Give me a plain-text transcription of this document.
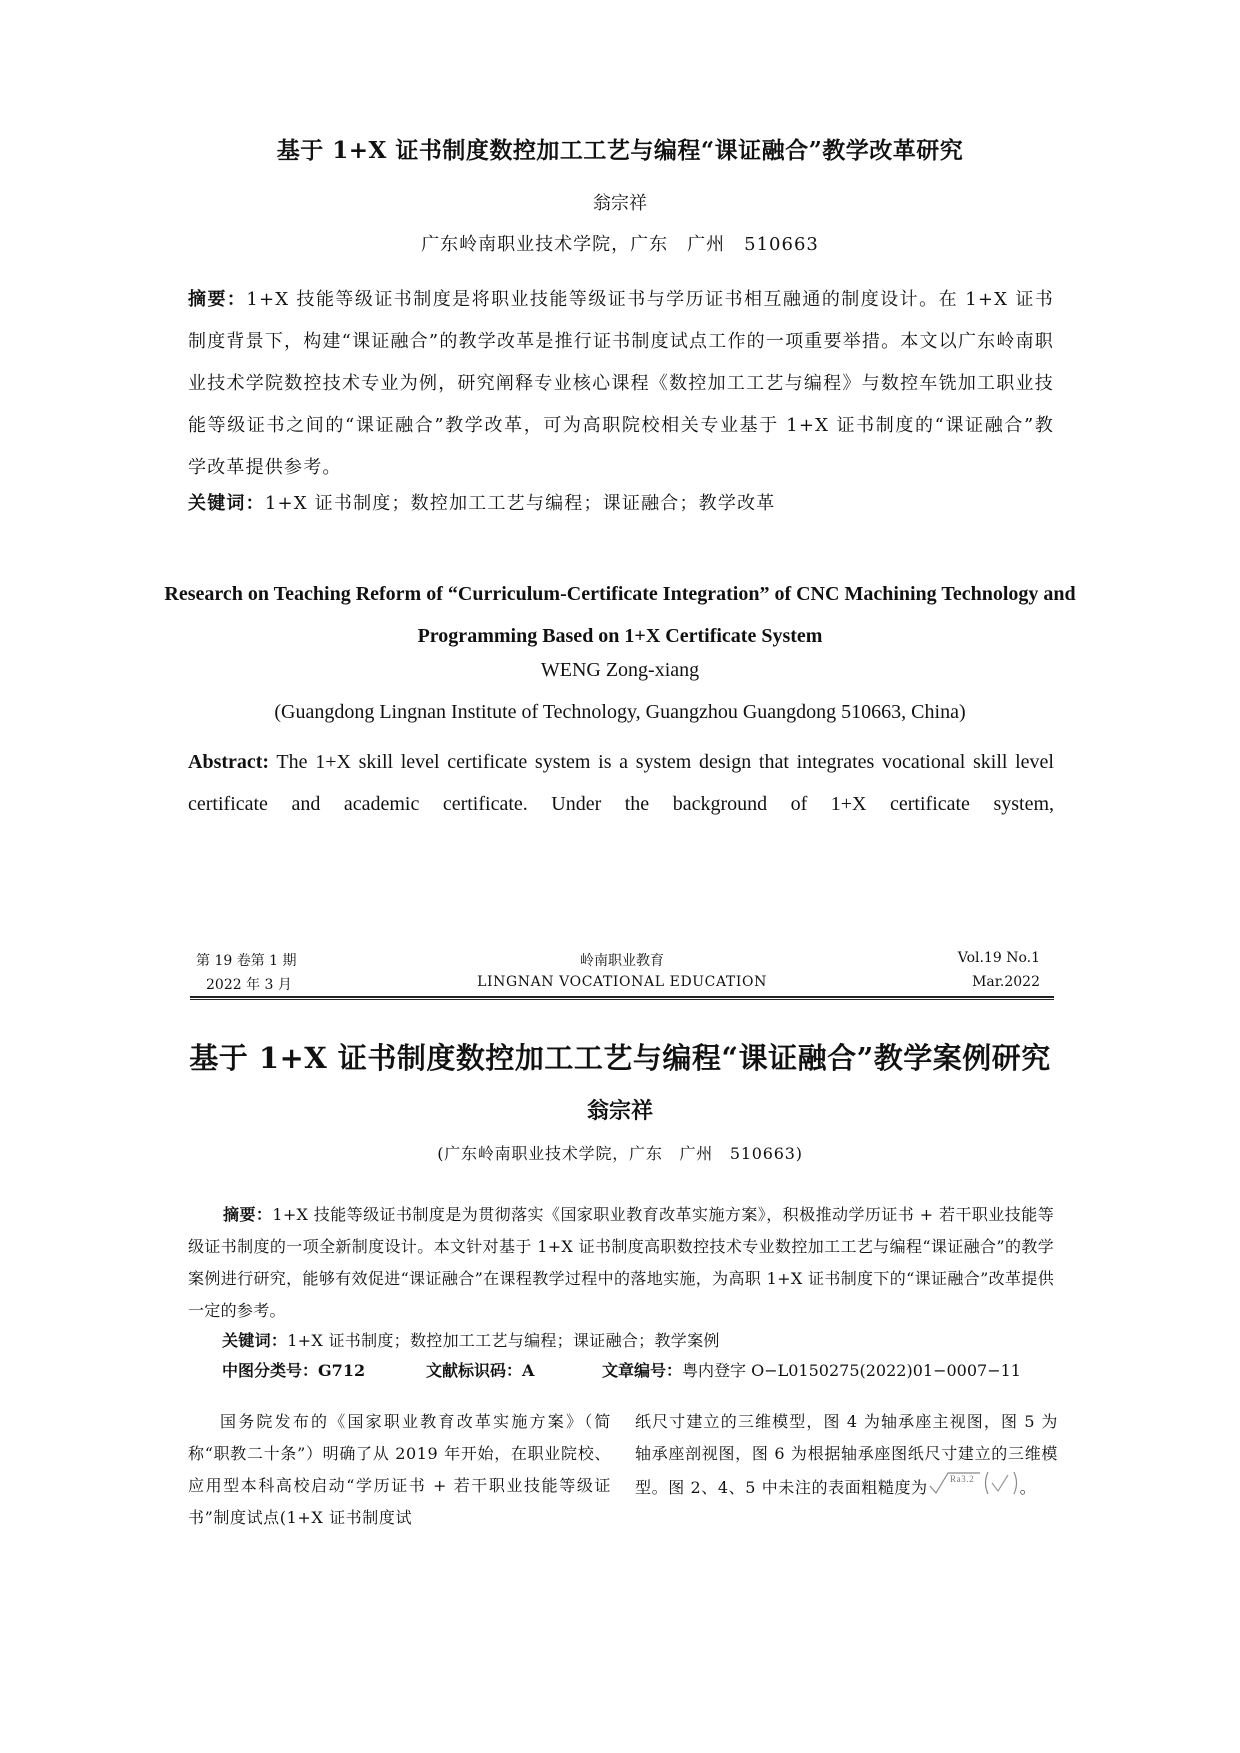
基于 1+X 证书制度数控加工工艺与编程“课证融合”教学改革研究
翁宗祥
广东岭南职业技术学院，广东　广州　510663

摘要：1+X 技能等级证书制度是将职业技能等级证书与学历证书相互融通的制度设计。在 1+X 证书制度背景下，构建“课证融合”的教学改革是推行证书制度试点工作的一项重要举措。本文以广东岭南职业技术学院数控技术专业为例，研究阐释专业核心课程《数控加工工艺与编程》与数控车铣加工职业技能等级证书之间的“课证融合”教学改革，可为高职院校相关专业基于 1+X 证书制度的“课证融合”教学改革提供参考。

关键词：1+X 证书制度；数控加工工艺与编程；课证融合；教学改革

Research on Teaching Reform of “Curriculum-Certificate Integration” of CNC Machining Technology and Programming Based on 1+X Certificate System
WENG Zong-xiang
(Guangdong Lingnan Institute of Technology, Guangzhou Guangdong 510663, China)

Abstract: The 1+X skill level certificate system is a system design that integrates vocational skill level certificate and academic certificate. Under the background of 1+X certificate system,

第 19 卷第 1 期
2022 年 3 月
岭南职业教育
LINGNAN VOCATIONAL EDUCATION
Vol.19 No.1
Mar.2022
基于 1+X 证书制度数控加工工艺与编程“课证融合”教学案例研究
翁宗祥
(广东岭南职业技术学院，广东　广州　510663)

摘要：1+X 技能等级证书制度是为贯彻落实《国家职业教育改革实施方案》，积极推动学历证书 + 若干职业技能等级证书制度的一项全新制度设计。本文针对基于 1+X 证书制度高职数控技术专业数控加工工艺与编程“课证融合”的教学案例进行研究，能够有效促进“课证融合”在课程教学过程中的落地实施，为高职 1+X 证书制度下的“课证融合”改革提供一定的参考。

关键词：1+X 证书制度；数控加工工艺与编程；课证融合；教学案例

中图分类号：G712	文献标识码：A	文章编号：粤内登字 O−L0150275(2022)01−0007−11

国务院发布的《国家职业教育改革实施方案》（简称“职教二十条”）明确了从 2019 年开始，在职业院校、应用型本科高校启动“学历证书 + 若干职业技能等级证书”制度试点(1+X 证书制度试

纸尺寸建立的三维模型，图 4 为轴承座主视图，图 5 为轴承座剖视图，图 6 为根据轴承座图纸尺寸建立的三维模型。图 2、4、5 中未注的表面粗糙度为 Ra3.2	。
